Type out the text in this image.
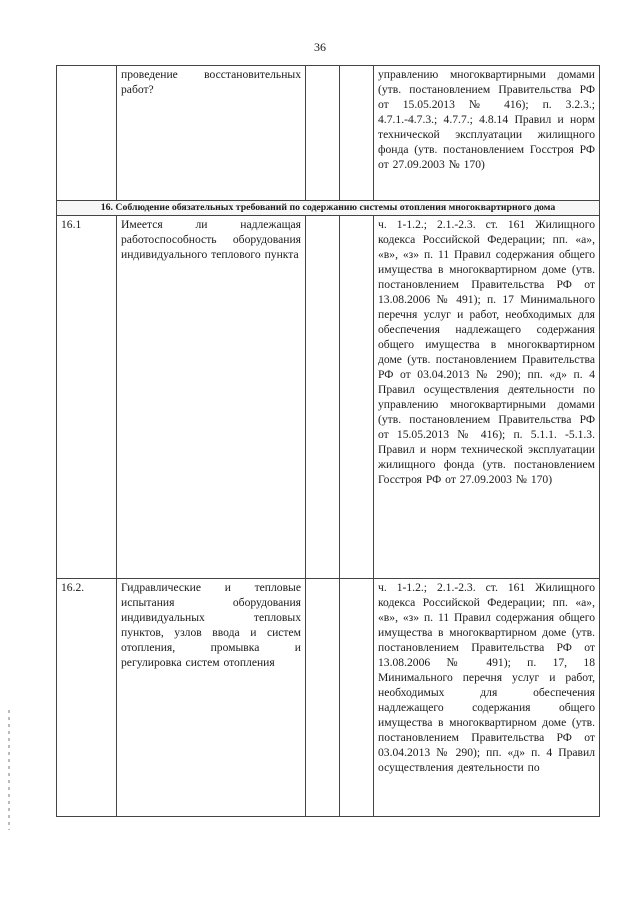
36
	проведение восстановительных работ?			управлению многоквартирными домами (утв. постановлением Правительства РФ от 15.05.2013 № 416); п. 3.2.3.; 4.7.1.-4.7.3.; 4.7.7.; 4.8.14 Правил и норм технической эксплуатации жилищного фонда (утв. постановлением Госстроя РФ от 27.09.2003 № 170)
16. Соблюдение обязательных требований по содержанию системы отопления многоквартирного дома				
16.1	Имеется ли надлежащая работоспособность оборудования индивидуального теплового пункта			ч. 1-1.2.; 2.1.-2.3. ст. 161 Жилищного кодекса Российской Федерации; пп. «а», «в», «з» п. 11 Правил содержания общего имущества в многоквартирном доме (утв. постановлением Правительства РФ от 13.08.2006 № 491); п. 17 Минимального перечня услуг и работ, необходимых для обеспечения надлежащего содержания общего имущества в многоквартирном доме (утв. постановлением Правительства РФ от 03.04.2013 № 290); пп. «д» п. 4 Правил осуществления деятельности по управлению многоквартирными домами (утв. постановлением Правительства РФ от 15.05.2013 № 416); п. 5.1.1. -5.1.3. Правил и норм технической эксплуатации жилищного фонда (утв. постановлением Госстроя РФ от 27.09.2003 № 170)
16.2.	Гидравлические и тепловые испытания оборудования индивидуальных тепловых пунктов, узлов ввода и систем отопления, промывка и регулировка систем отопления			ч. 1-1.2.; 2.1.-2.3. ст. 161 Жилищного кодекса Российской Федерации; пп. «а», «в», «з» п. 11 Правил содержания общего имущества в многоквартирном доме (утв. постановлением Правительства РФ от 13.08.2006 № 491); п. 17, 18 Минимального перечня услуг и работ, необходимых для обеспечения надлежащего содержания общего имущества в многоквартирном доме (утв. постановлением Правительства РФ от 03.04.2013 № 290); пп. «д» п. 4 Правил осуществления деятельности по
